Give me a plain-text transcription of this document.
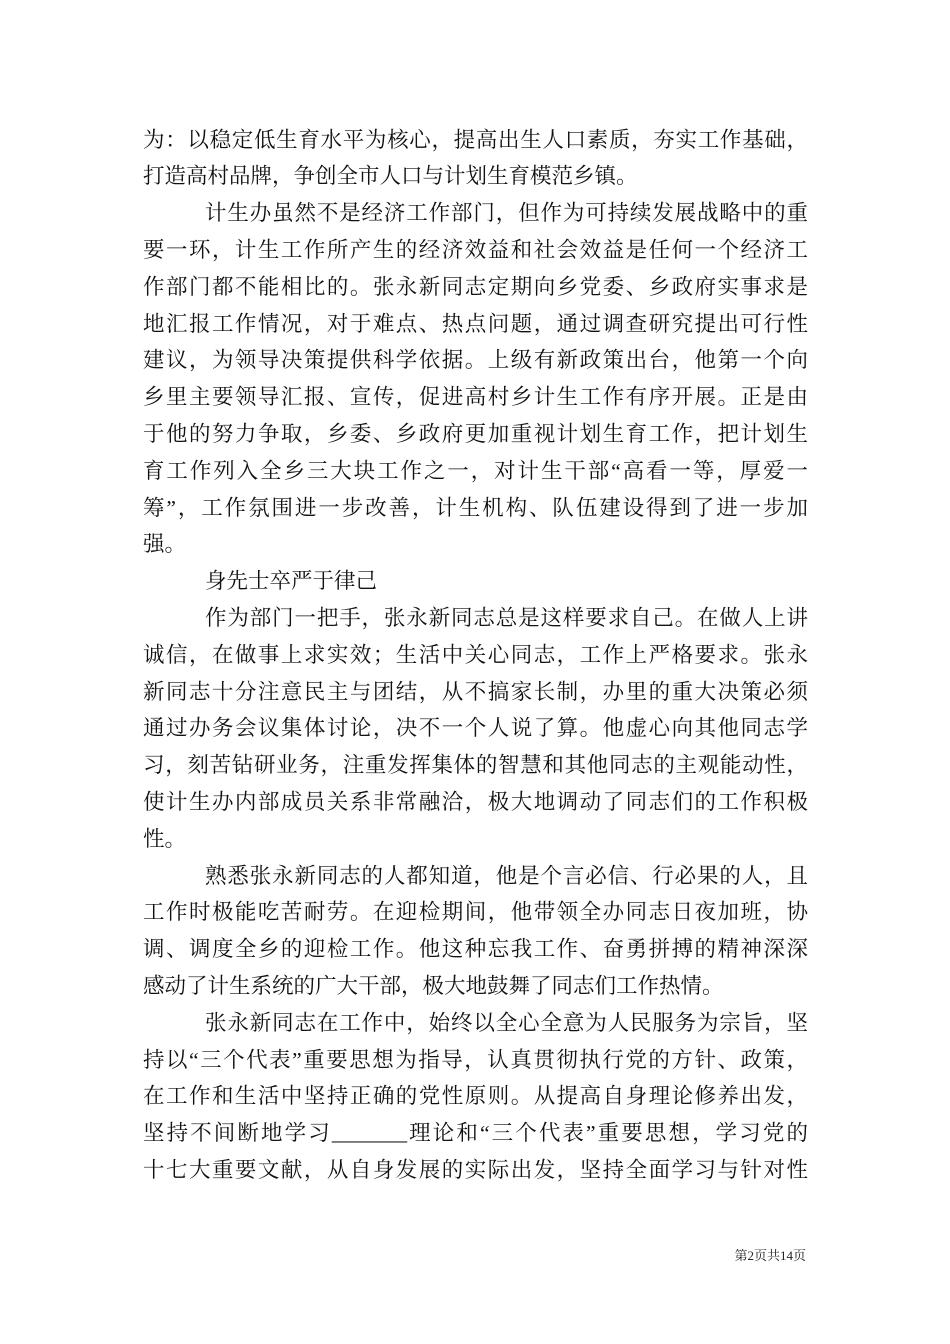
为：以稳定低生育水平为核心，提高出生人口素质，夯实工作基础，
打造高村品牌，争创全市人口与计划生育模范乡镇。
计生办虽然不是经济工作部门，但作为可持续发展战略中的重
要一环，计生工作所产生的经济效益和社会效益是任何一个经济工
作部门都不能相比的。张永新同志定期向乡党委、乡政府实事求是
地汇报工作情况，对于难点、热点问题，通过调查研究提出可行性
建议，为领导决策提供科学依据。上级有新政策出台，他第一个向
乡里主要领导汇报、宣传，促进高村乡计生工作有序开展。正是由
于他的努力争取，乡委、乡政府更加重视计划生育工作，把计划生
育工作列入全乡三大块工作之一，对计生干部“高看一等，厚爱一
筹”，工作氛围进一步改善，计生机构、队伍建设得到了进一步加
强。
身先士卒严于律己
作为部门一把手，张永新同志总是这样要求自己。在做人上讲
诚信，在做事上求实效；生活中关心同志，工作上严格要求。张永
新同志十分注意民主与团结，从不搞家长制，办里的重大决策必须
通过办务会议集体讨论，决不一个人说了算。他虚心向其他同志学
习，刻苦钻研业务，注重发挥集体的智慧和其他同志的主观能动性，
使计生办内部成员关系非常融洽，极大地调动了同志们的工作积极
性。
熟悉张永新同志的人都知道，他是个言必信、行必果的人，且
工作时极能吃苦耐劳。在迎检期间，他带领全办同志日夜加班，协
调、调度全乡的迎检工作。他这种忘我工作、奋勇拼搏的精神深深
感动了计生系统的广大干部，极大地鼓舞了同志们工作热情。
张永新同志在工作中，始终以全心全意为人民服务为宗旨，坚
持以“三个代表”重要思想为指导，认真贯彻执行党的方针、政策，
在工作和生活中坚持正确的党性原则。从提高自身理论修养出发，
坚持不间断地学习_______理论和“三个代表”重要思想，学习党的
十七大重要文献，从自身发展的实际出发，坚持全面学习与针对性
第2页共14页
